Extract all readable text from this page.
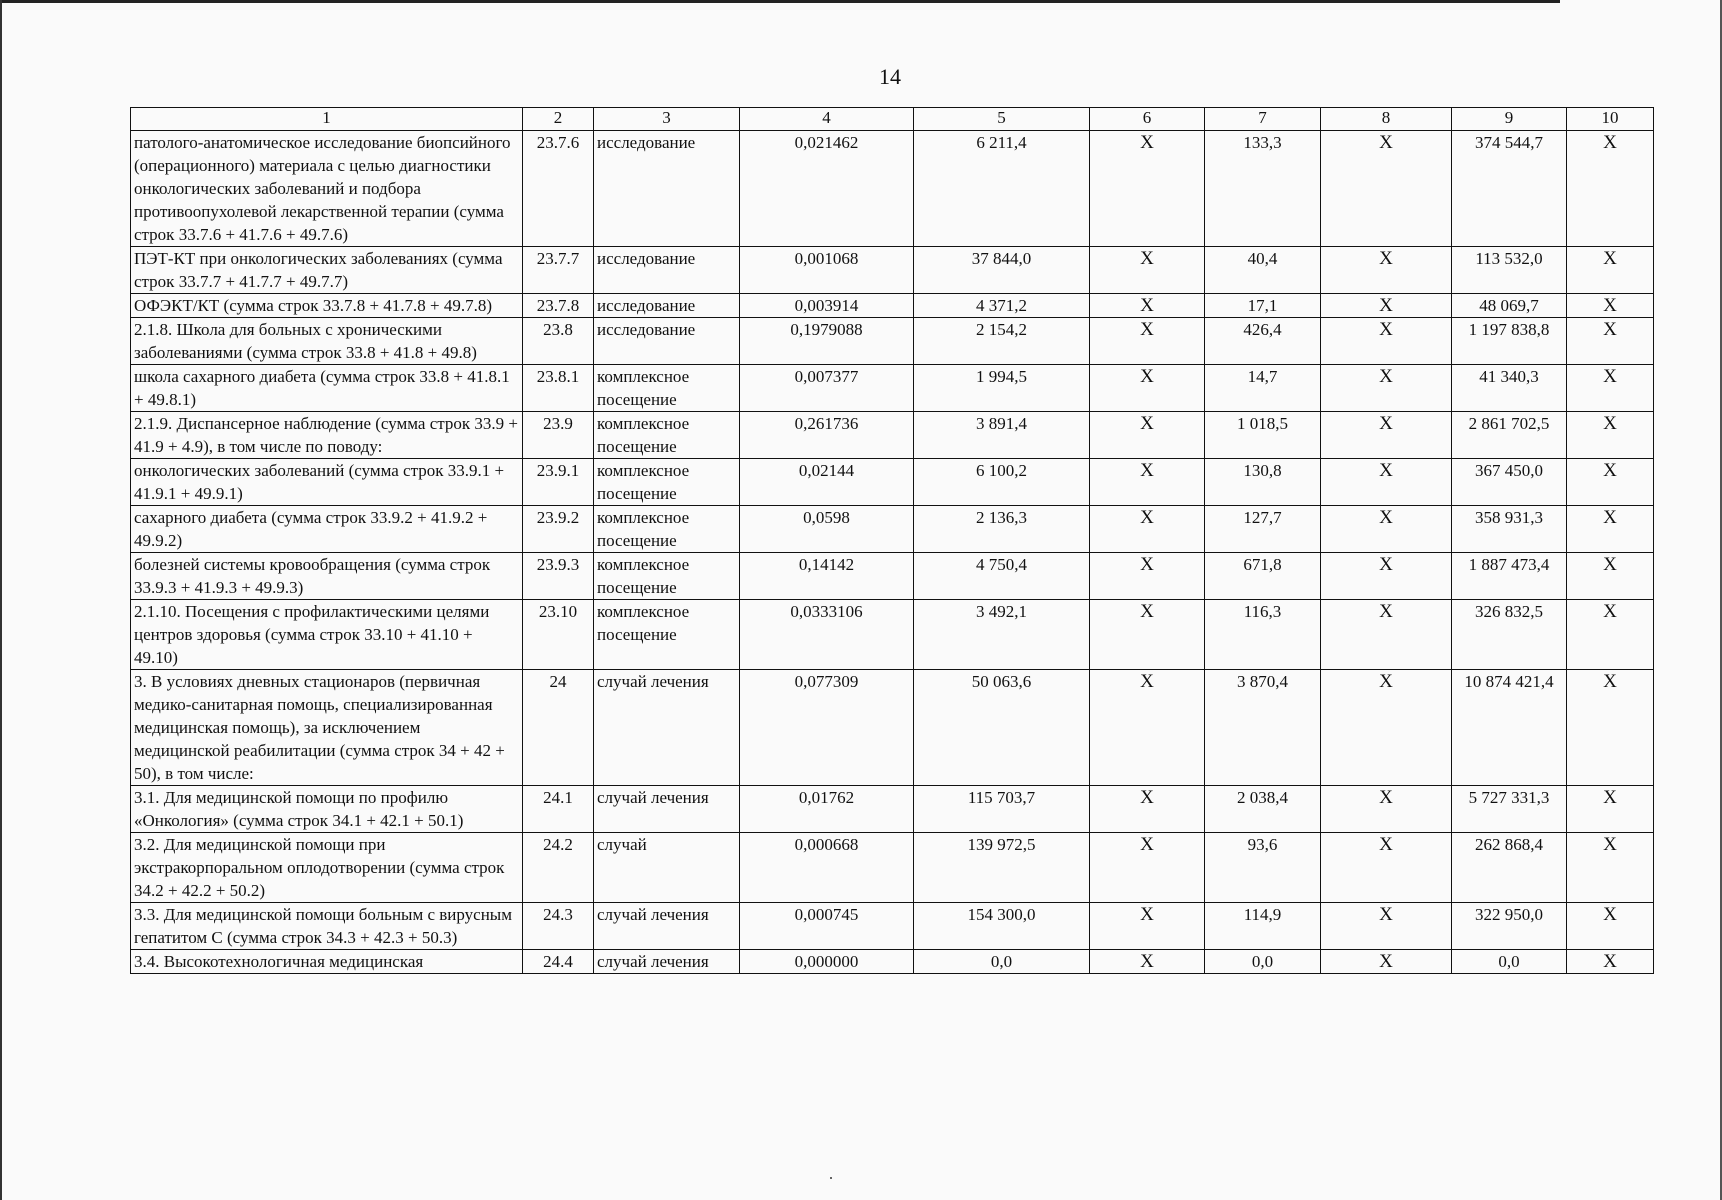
14
1	2	3	4	5	6	7	8	9	10
патолого-анатомическое исследование биопсийного (операционного) материала с целью диагностики онкологических заболеваний и подбора противоопухолевой лекарственной терапии (сумма строк 33.7.6 + 41.7.6 + 49.7.6)	23.7.6	исследование	0,021462	6 211,4	X	133,3	X	374 544,7	X
ПЭТ-КТ при онкологических заболеваниях (сумма строк 33.7.7 + 41.7.7 + 49.7.7)	23.7.7	исследование	0,001068	37 844,0	X	40,4	X	113 532,0	X
ОФЭКТ/КТ (сумма строк 33.7.8 + 41.7.8 + 49.7.8)	23.7.8	исследование	0,003914	4 371,2	X	17,1	X	48 069,7	X
2.1.8. Школа для больных с хроническими заболеваниями (сумма строк 33.8 + 41.8 + 49.8)	23.8	исследование	0,1979088	2 154,2	X	426,4	X	1 197 838,8	X
школа сахарного диабета (сумма строк 33.8 + 41.8.1 + 49.8.1)	23.8.1	комплексное посещение	0,007377	1 994,5	X	14,7	X	41 340,3	X
2.1.9. Диспансерное наблюдение (сумма строк 33.9 + 41.9 + 4.9), в том числе по поводу:	23.9	комплексное посещение	0,261736	3 891,4	X	1 018,5	X	2 861 702,5	X
онкологических заболеваний (сумма строк 33.9.1 + 41.9.1 + 49.9.1)	23.9.1	комплексное посещение	0,02144	6 100,2	X	130,8	X	367 450,0	X
сахарного диабета (сумма строк 33.9.2 + 41.9.2 + 49.9.2)	23.9.2	комплексное посещение	0,0598	2 136,3	X	127,7	X	358 931,3	X
болезней системы кровообращения (сумма строк 33.9.3 + 41.9.3 + 49.9.3)	23.9.3	комплексное посещение	0,14142	4 750,4	X	671,8	X	1 887 473,4	X
2.1.10. Посещения с профилактическими целями центров здоровья (сумма строк 33.10 + 41.10 + 49.10)	23.10	комплексное посещение	0,0333106	3 492,1	X	116,3	X	326 832,5	X
3. В условиях дневных стационаров (первичная медико-санитарная помощь, специализированная медицинская помощь), за исключением медицинской реабилитации (сумма строк 34 + 42 + 50), в том числе:	24	случай лечения	0,077309	50 063,6	X	3 870,4	X	10 874 421,4	X
3.1. Для медицинской помощи по профилю «Онкология» (сумма строк 34.1 + 42.1 + 50.1)	24.1	случай лечения	0,01762	115 703,7	X	2 038,4	X	5 727 331,3	X
3.2. Для медицинской помощи при экстракорпоральном оплодотворении (сумма строк 34.2 + 42.2 + 50.2)	24.2	случай	0,000668	139 972,5	X	93,6	X	262 868,4	X
3.3. Для медицинской помощи больным с вирусным гепатитом С (сумма строк 34.3 + 42.3 + 50.3)	24.3	случай лечения	0,000745	154 300,0	X	114,9	X	322 950,0	X
3.4. Высокотехнологичная медицинская	24.4	случай лечения	0,000000	0,0	X	0,0	X	0,0	X
